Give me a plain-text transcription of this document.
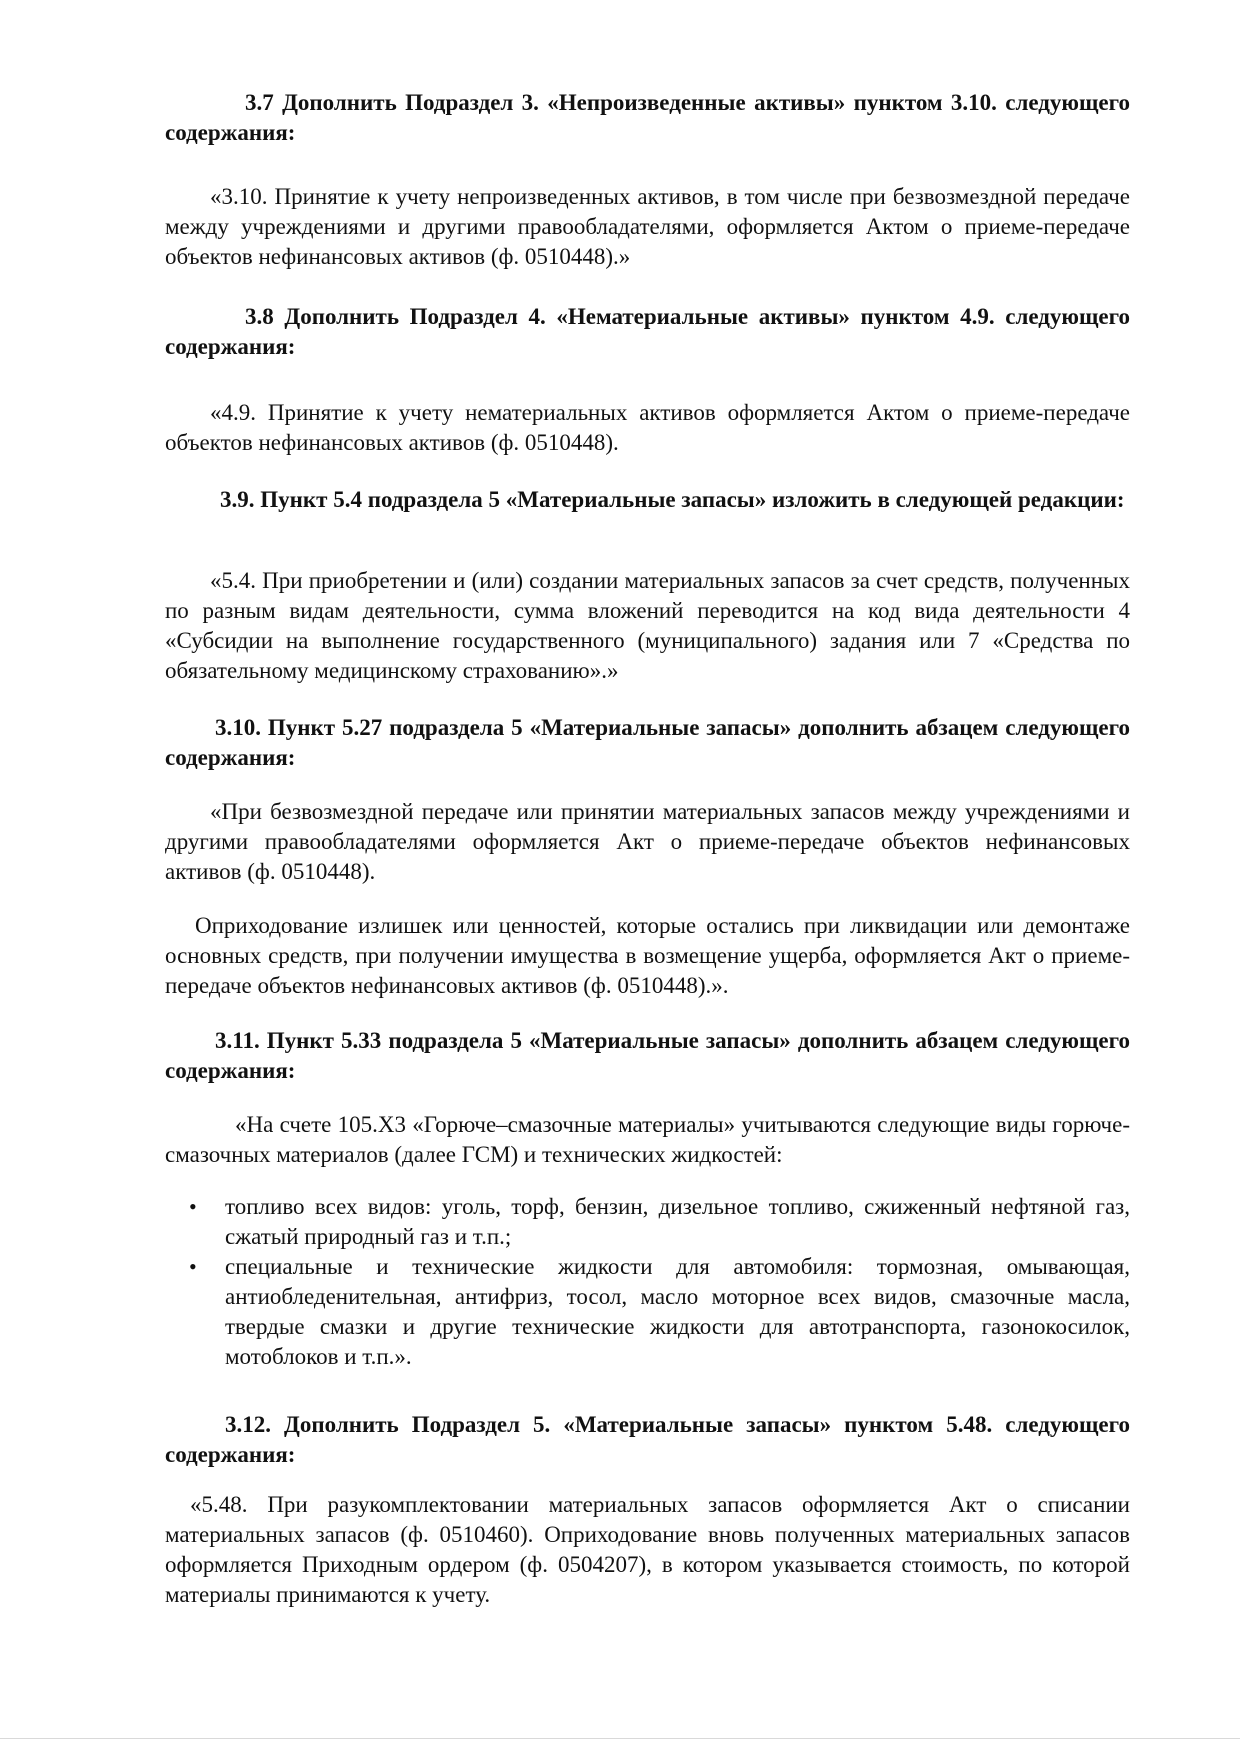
3.7 Дополнить Подраздел 3. «Непроизведенные активы» пунктом 3.10. следующего содержания:
«3.10. Принятие к учету непроизведенных активов, в том числе при безвозмездной передаче между учреждениями и другими правообладателями, оформляется Актом о приеме-передаче объектов нефинансовых активов (ф. 0510448).»
3.8 Дополнить Подраздел 4. «Нематериальные активы» пунктом 4.9. следующего содержания:
«4.9. Принятие к учету нематериальных активов оформляется Актом о приеме-передаче объектов нефинансовых активов (ф. 0510448).
3.9. Пункт 5.4 подраздела 5 «Материальные запасы» изложить в следующей редакции:
«5.4. При приобретении и (или) создании материальных запасов за счет средств, полученных по разным видам деятельности, сумма вложений переводится на код вида деятельности 4 «Субсидии на выполнение государственного (муниципального) задания или 7 «Средства по обязательному медицинскому страхованию».»
3.10. Пункт 5.27 подраздела 5 «Материальные запасы» дополнить абзацем следующего содержания:
«При безвозмездной передаче или принятии материальных запасов между учреждениями и другими правообладателями оформляется Акт о приеме-передаче объектов нефинансовых активов (ф. 0510448).
Оприходование излишек или ценностей, которые остались при ликвидации или демонтаже основных средств, при получении имущества в возмещение ущерба, оформляется Акт о приеме-передаче объектов нефинансовых активов (ф. 0510448).».
3.11. Пункт 5.33 подраздела 5 «Материальные запасы» дополнить абзацем следующего содержания:
«На счете 105.Х3 «Горюче–смазочные материалы» учитываются следующие виды горюче-смазочных материалов (далее ГСМ) и технических жидкостей:
• топливо всех видов: уголь, торф, бензин, дизельное топливо, сжиженный нефтяной газ, сжатый природный газ и т.п.;
• специальные и технические жидкости для автомобиля: тормозная, омывающая, антиобледенительная, антифриз, тосол, масло моторное всех видов, смазочные масла, твердые смазки и другие технические жидкости для автотранспорта, газонокосилок, мотоблоков и т.п.».
3.12. Дополнить Подраздел 5. «Материальные запасы» пунктом 5.48. следующего содержания:
«5.48. При разукомплектовании материальных запасов оформляется Акт о списании материальных запасов (ф. 0510460). Оприходование вновь полученных материальных запасов оформляется Приходным ордером (ф. 0504207), в котором указывается стоимость, по которой материалы принимаются к учету.
